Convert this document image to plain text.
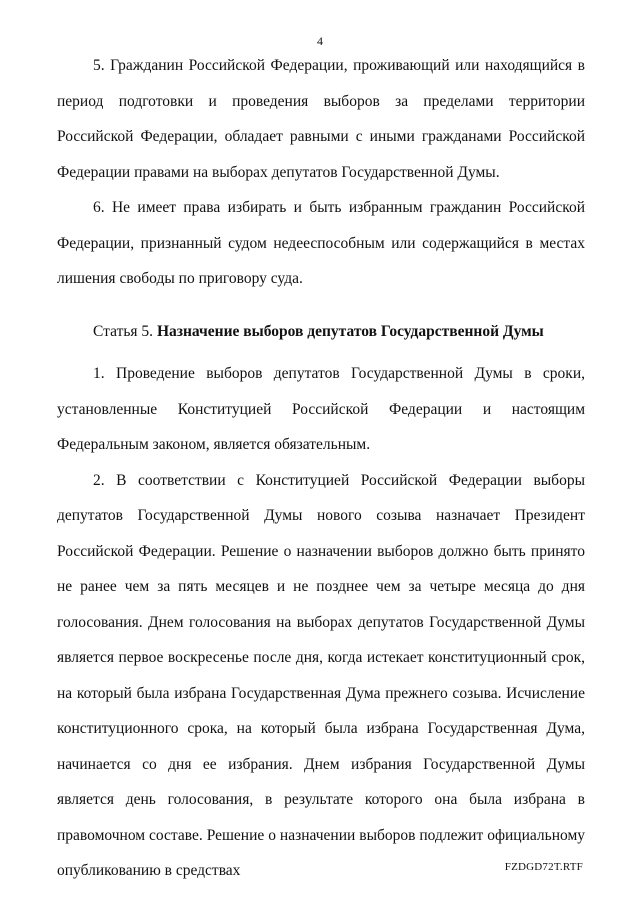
4

5. Гражданин Российской Федерации, проживающий или находящийся в период подготовки и проведения выборов за пределами территории Российской Федерации, обладает равными с иными гражданами Российской Федерации правами на выборах депутатов Государственной Думы.

6. Не имеет права избирать и быть избранным гражданин Российской Федерации, признанный судом недееспособным или содержащийся в местах лишения свободы по приговору суда.

Статья 5. Назначение выборов депутатов Государственной Думы

1. Проведение выборов депутатов Государственной Думы в сроки, установленные Конституцией Российской Федерации и настоящим Федеральным законом, является обязательным.

2. В соответствии с Конституцией Российской Федерации выборы депутатов Государственной Думы нового созыва назначает Президент Российской Федерации. Решение о назначении выборов должно быть принято не ранее чем за пять месяцев и не позднее чем за четыре месяца до дня голосования. Днем голосования на выборах депутатов Государственной Думы является первое воскресенье после дня, когда истекает конституционный срок, на который была избрана Государственная Дума прежнего созыва. Исчисление конституционного срока, на который была избрана Государственная Дума, начинается со дня ее избрания. Днем избрания Государственной Думы является день голосования, в результате которого она была избрана в правомочном составе. Решение о назначении выборов подлежит официальному опубликованию в средствах	FZDGD72T.RTF
